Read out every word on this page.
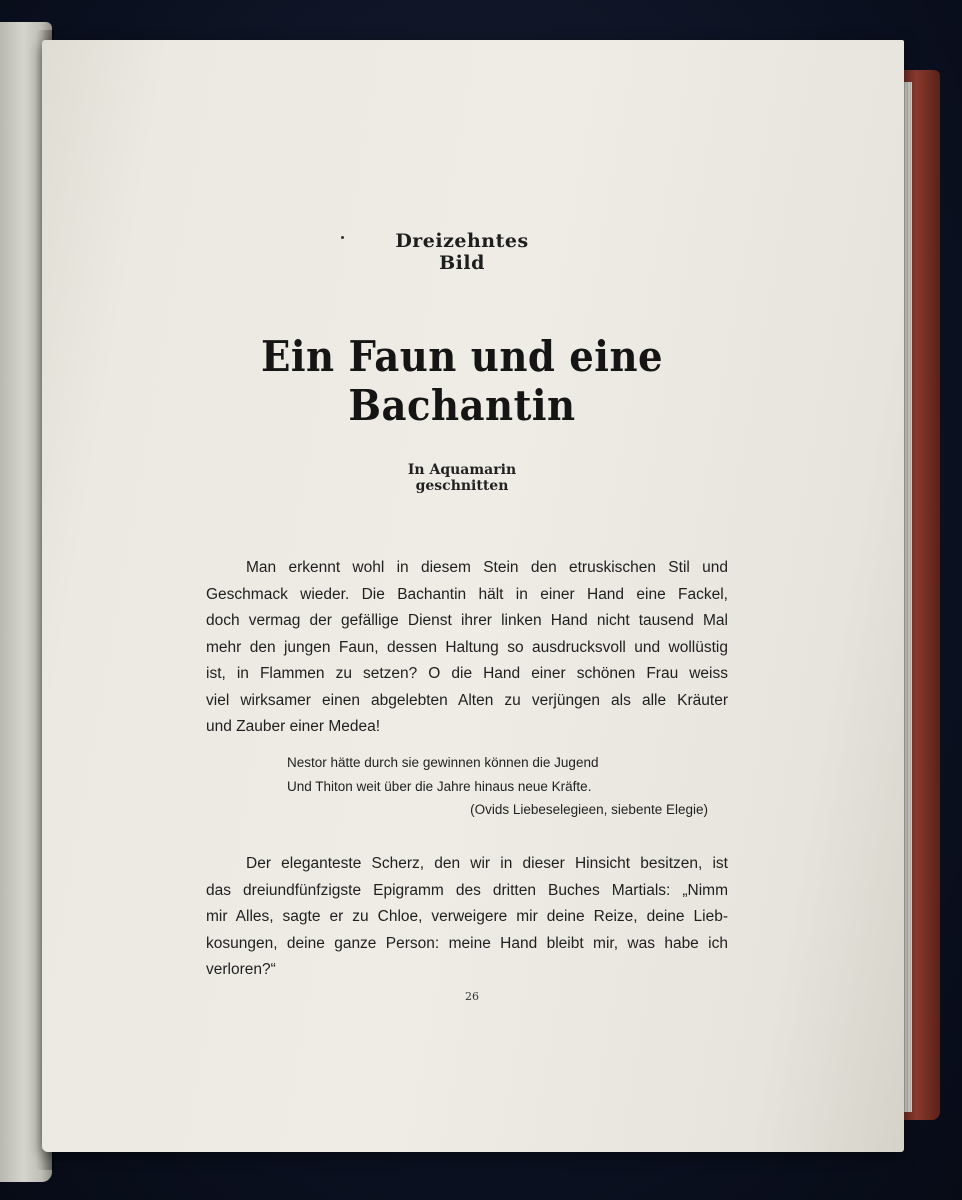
Dreizehntes Bild
Ein Faun und eine Bachantin
In Aquamarin geschnitten
Man erkennt wohl in diesem Stein den etruskischen Stil und
Geschmack wieder. Die Bachantin hält in einer Hand eine Fackel,
doch vermag der gefällige Dienst ihrer linken Hand nicht tausend Mal
mehr den jungen Faun, dessen Haltung so ausdrucksvoll und wollüstig
ist, in Flammen zu setzen? O die Hand einer schönen Frau weiss
viel wirksamer einen abgelebten Alten zu verjüngen als alle Kräuter
und Zauber einer Medea!
Nestor hätte durch sie gewinnen können die Jugend
Und Thiton weit über die Jahre hinaus neue Kräfte.
(Ovids Liebeselegieen, siebente Elegie)
Der eleganteste Scherz, den wir in dieser Hinsicht besitzen, ist
das dreiundfünfzigste Epigramm des dritten Buches Martials: „Nimm
mir Alles, sagte er zu Chloe, verweigere mir deine Reize, deine Lieb-
kosungen, deine ganze Person: meine Hand bleibt mir, was habe ich
verloren?“
26
